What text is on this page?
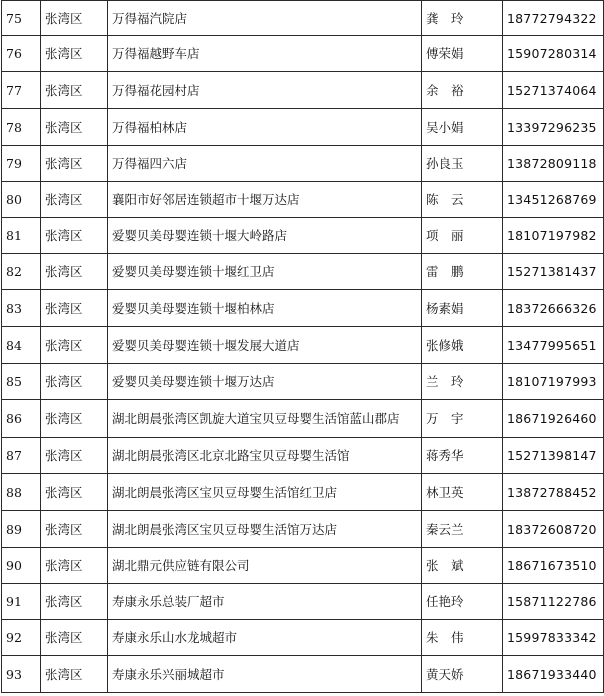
75	张湾区	万得福汽院店	龚　玲	18772794322
76	张湾区	万得福越野车店	傅荣娟	15907280314
77	张湾区	万得福花园村店	余　裕	15271374064
78	张湾区	万得福柏林店	吴小娟	13397296235
79	张湾区	万得福四六店	孙良玉	13872809118
80	张湾区	襄阳市好邻居连锁超市十堰万达店	陈　云	13451268769
81	张湾区	爱婴贝美母婴连锁十堰大岭路店	项　丽	18107197982
82	张湾区	爱婴贝美母婴连锁十堰红卫店	雷　鹏	15271381437
83	张湾区	爱婴贝美母婴连锁十堰柏林店	杨素娟	18372666326
84	张湾区	爱婴贝美母婴连锁十堰发展大道店	张修娥	13477995651
85	张湾区	爱婴贝美母婴连锁十堰万达店	兰　玲	18107197993
86	张湾区	湖北朗晨张湾区凯旋大道宝贝豆母婴生活馆蓝山郡店	万　宇	18671926460
87	张湾区	湖北朗晨张湾区北京北路宝贝豆母婴生活馆	蒋秀华	15271398147
88	张湾区	湖北朗晨张湾区宝贝豆母婴生活馆红卫店	林卫英	13872788452
89	张湾区	湖北朗晨张湾区宝贝豆母婴生活馆万达店	秦云兰	18372608720
90	张湾区	湖北鼎元供应链有限公司	张　斌	18671673510
91	张湾区	寿康永乐总装厂超市	任艳玲	15871122786
92	张湾区	寿康永乐山水龙城超市	朱　伟	15997833342
93	张湾区	寿康永乐兴丽城超市	黄天娇	18671933440
